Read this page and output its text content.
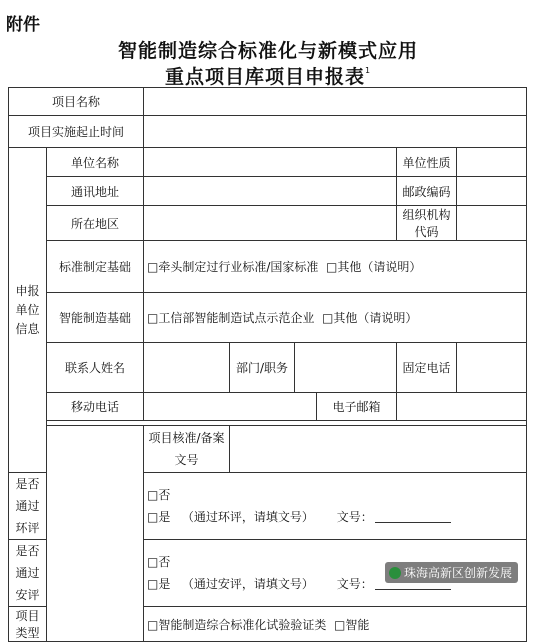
附件
智能制造综合标准化与新模式应用
重点项目库项目申报表$^1$
项目名称							
项目实施起止时间							
申报单位信息	单位名称					单位性质	
	通讯地址					邮政编码	
	所在地区					组织机构代码	
	标准制定基础	□牵头制定过行业标准/国家标准 □其他（请说明）					
	智能制造基础	□工信部智能制造试点示范企业 □其他（请说明）					
	联系人姓名		部门/职务			固定电话	
	移动电话				电子邮箱		

		项目核准/备案文号					
是否通过环评		□否
□是 （通过环评，请填文号） 文号：					

是否通过安评		□否
□是 （通过安评，请填文号） 文号：					

项目类型		□智能制造综合标准化试验验证类 □智能					
珠海高新区创新发展
